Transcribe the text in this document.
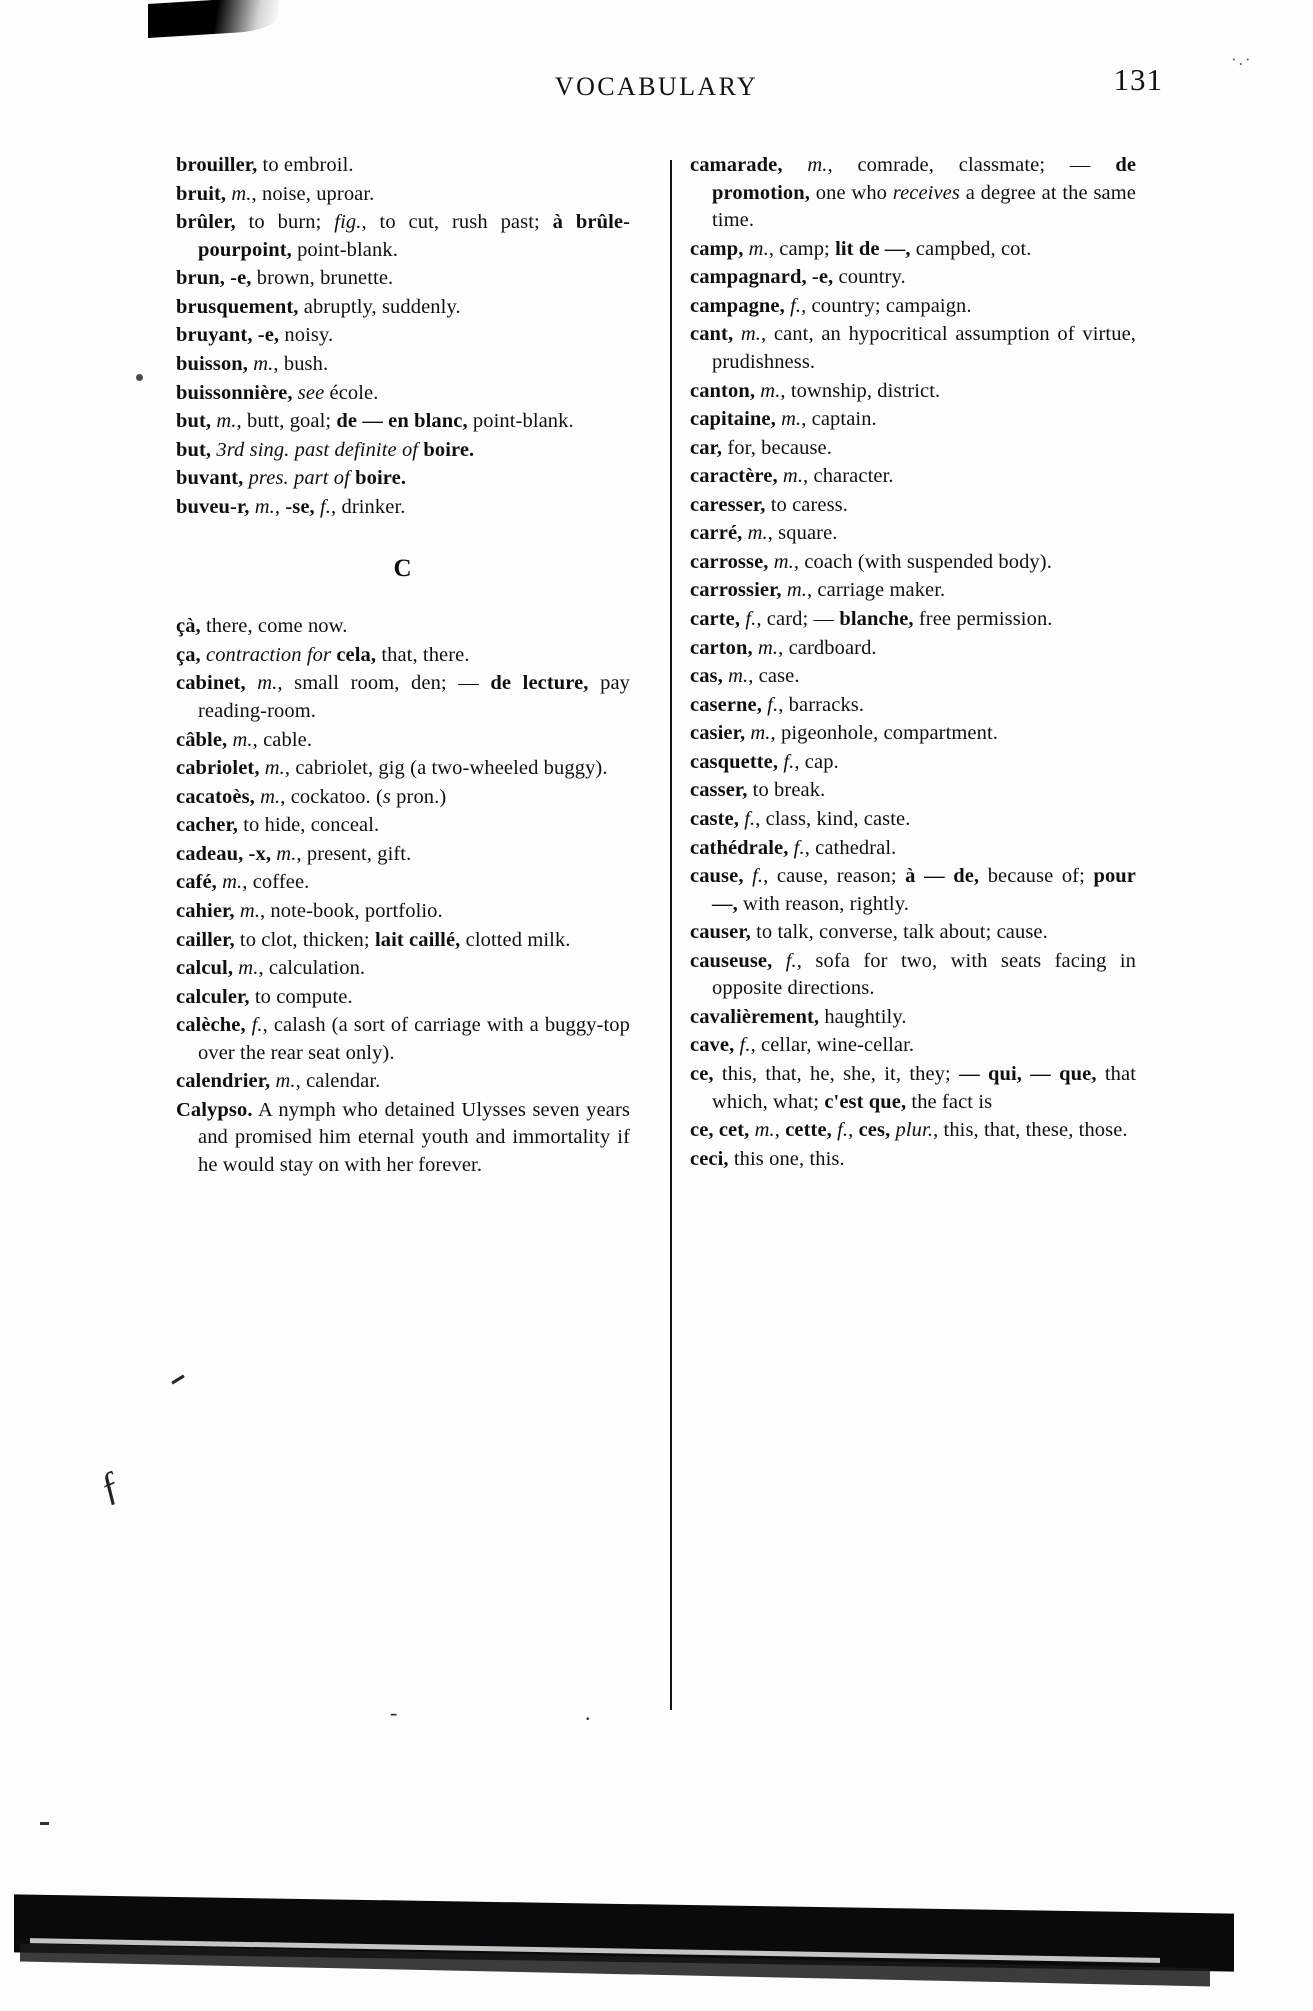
·.·
VOCABULARY	131
ƒ
-	.

brouiller, to embroil.

bruit, m., noise, uproar.

brûler, to burn; fig., to cut, rush past; à brûle-pourpoint, point-blank.

brun, -e, brown, brunette.

brusquement, abruptly, suddenly.

bruyant, -e, noisy.

buisson, m., bush.

buissonnière, see école.

but, m., butt, goal; de — en blanc, point-blank.

but, 3rd sing. past definite of boire.

buvant, pres. part of boire.

buveu-r, m., -se, f., drinker.

C

çà, there, come now.

ça, contraction for cela, that, there.

cabinet, m., small room, den; — de lecture, pay reading-room.

câble, m., cable.

cabriolet, m., cabriolet, gig (a two-wheeled buggy).

cacatoès, m., cockatoo. (s pron.)

cacher, to hide, conceal.

cadeau, -x, m., present, gift.

café, m., coffee.

cahier, m., note-book, portfolio.

cailler, to clot, thicken; lait caillé, clotted milk.

calcul, m., calculation.

calculer, to compute.

calèche, f., calash (a sort of carriage with a buggy-top over the rear seat only).

calendrier, m., calendar.

Calypso. A nymph who detained Ulysses seven years and promised him eternal youth and immortality if he would stay on with her forever.

camarade, m., comrade, classmate; — de promotion, one who receives a degree at the same time.

camp, m., camp; lit de —, campbed, cot.

campagnard, -e, country.

campagne, f., country; campaign.

cant, m., cant, an hypocritical assumption of virtue, prudishness.

canton, m., township, district.

capitaine, m., captain.

car, for, because.

caractère, m., character.

caresser, to caress.

carré, m., square.

carrosse, m., coach (with suspended body).

carrossier, m., carriage maker.

carte, f., card; — blanche, free permission.

carton, m., cardboard.

cas, m., case.

caserne, f., barracks.

casier, m., pigeonhole, compartment.

casquette, f., cap.

casser, to break.

caste, f., class, kind, caste.

cathédrale, f., cathedral.

cause, f., cause, reason; à — de, because of; pour —, with reason, rightly.

causer, to talk, converse, talk about; cause.

causeuse, f., sofa for two, with seats facing in opposite directions.

cavalièrement, haughtily.

cave, f., cellar, wine-cellar.

ce, this, that, he, she, it, they; — qui, — que, that which, what; c'est que, the fact is

ce, cet, m., cette, f., ces, plur., this, that, these, those.

ceci, this one, this.
